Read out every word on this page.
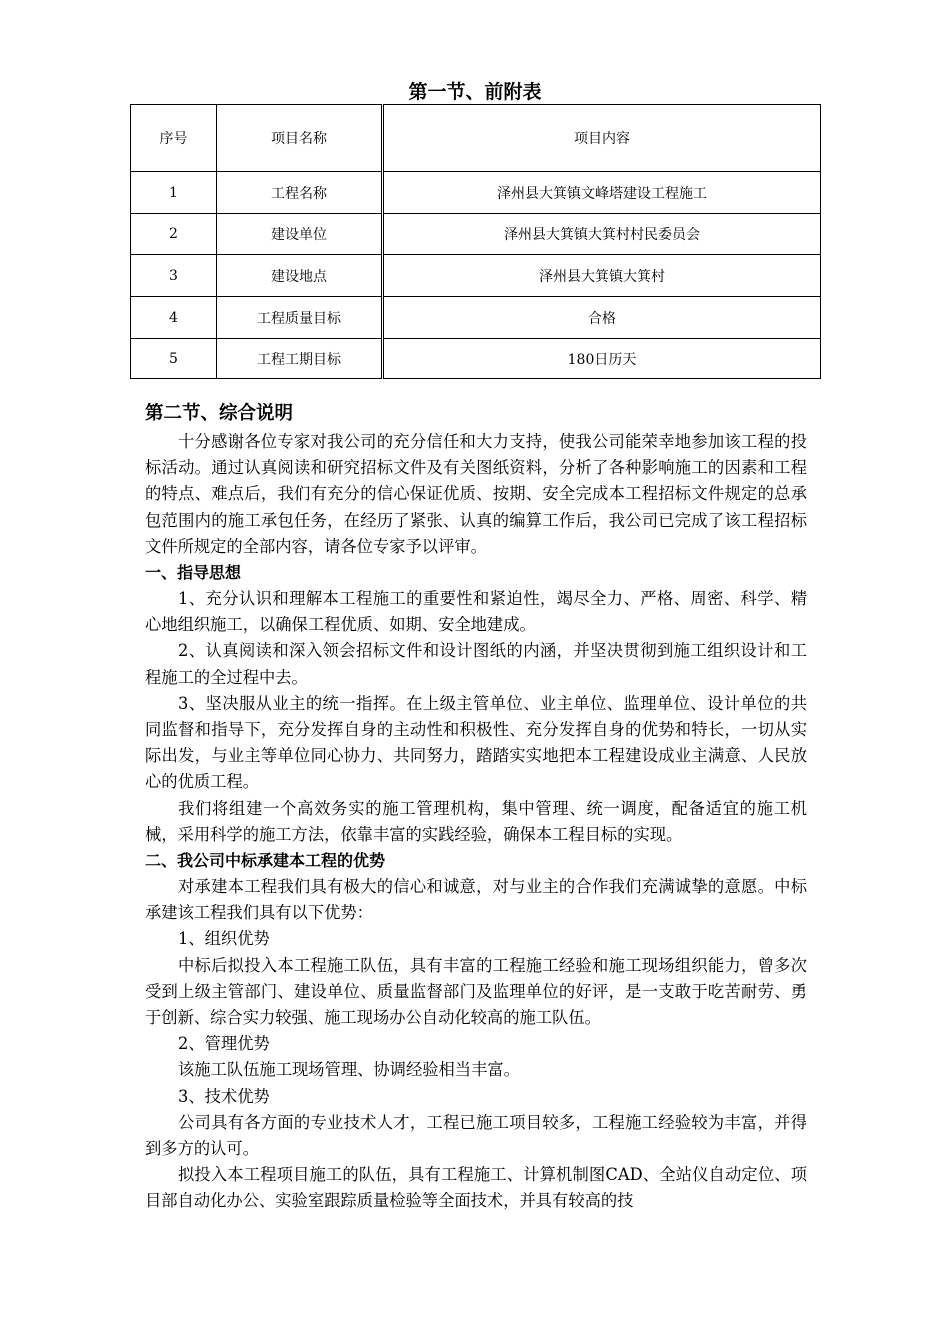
第一节、前附表
序号	项目名称	项目内容
1	工程名称	泽州县大箕镇文峰塔建设工程施工
2	建设单位	泽州县大箕镇大箕村村民委员会
3	建设地点	泽州县大箕镇大箕村
4	工程质量目标	合格
5	工程工期目标	180日历天
第二节、综合说明

十分感谢各位专家对我公司的充分信任和大力支持，使我公司能荣幸地参加该工程的投标活动。通过认真阅读和研究招标文件及有关图纸资料，分析了各种影响施工的因素和工程的特点、难点后，我们有充分的信心保证优质、按期、安全完成本工程招标文件规定的总承包范围内的施工承包任务，在经历了紧张、认真的编算工作后，我公司已完成了该工程招标文件所规定的全部内容，请各位专家予以评审。

一、指导思想

1、充分认识和理解本工程施工的重要性和紧迫性，竭尽全力、严格、周密、科学、精心地组织施工，以确保工程优质、如期、安全地建成。

2、认真阅读和深入领会招标文件和设计图纸的内涵，并坚决贯彻到施工组织设计和工程施工的全过程中去。

3、坚决服从业主的统一指挥。在上级主管单位、业主单位、监理单位、设计单位的共同监督和指导下，充分发挥自身的主动性和积极性、充分发挥自身的优势和特长，一切从实际出发，与业主等单位同心协力、共同努力，踏踏实实地把本工程建设成业主满意、人民放心的优质工程。

我们将组建一个高效务实的施工管理机构，集中管理、统一调度，配备适宜的施工机械，采用科学的施工方法，依靠丰富的实践经验，确保本工程目标的实现。

二、我公司中标承建本工程的优势

对承建本工程我们具有极大的信心和诚意，对与业主的合作我们充满诚挚的意愿。中标承建该工程我们具有以下优势：

1、组织优势

中标后拟投入本工程施工队伍，具有丰富的工程施工经验和施工现场组织能力，曾多次受到上级主管部门、建设单位、质量监督部门及监理单位的好评，是一支敢于吃苦耐劳、勇于创新、综合实力较强、施工现场办公自动化较高的施工队伍。

2、管理优势

该施工队伍施工现场管理、协调经验相当丰富。

3、技术优势

公司具有各方面的专业技术人才，工程已施工项目较多，工程施工经验较为丰富，并得到多方的认可。

拟投入本工程项目施工的队伍，具有工程施工、计算机制图CAD、全站仪自动定位、项目部自动化办公、实验室跟踪质量检验等全面技术，并具有较高的技
